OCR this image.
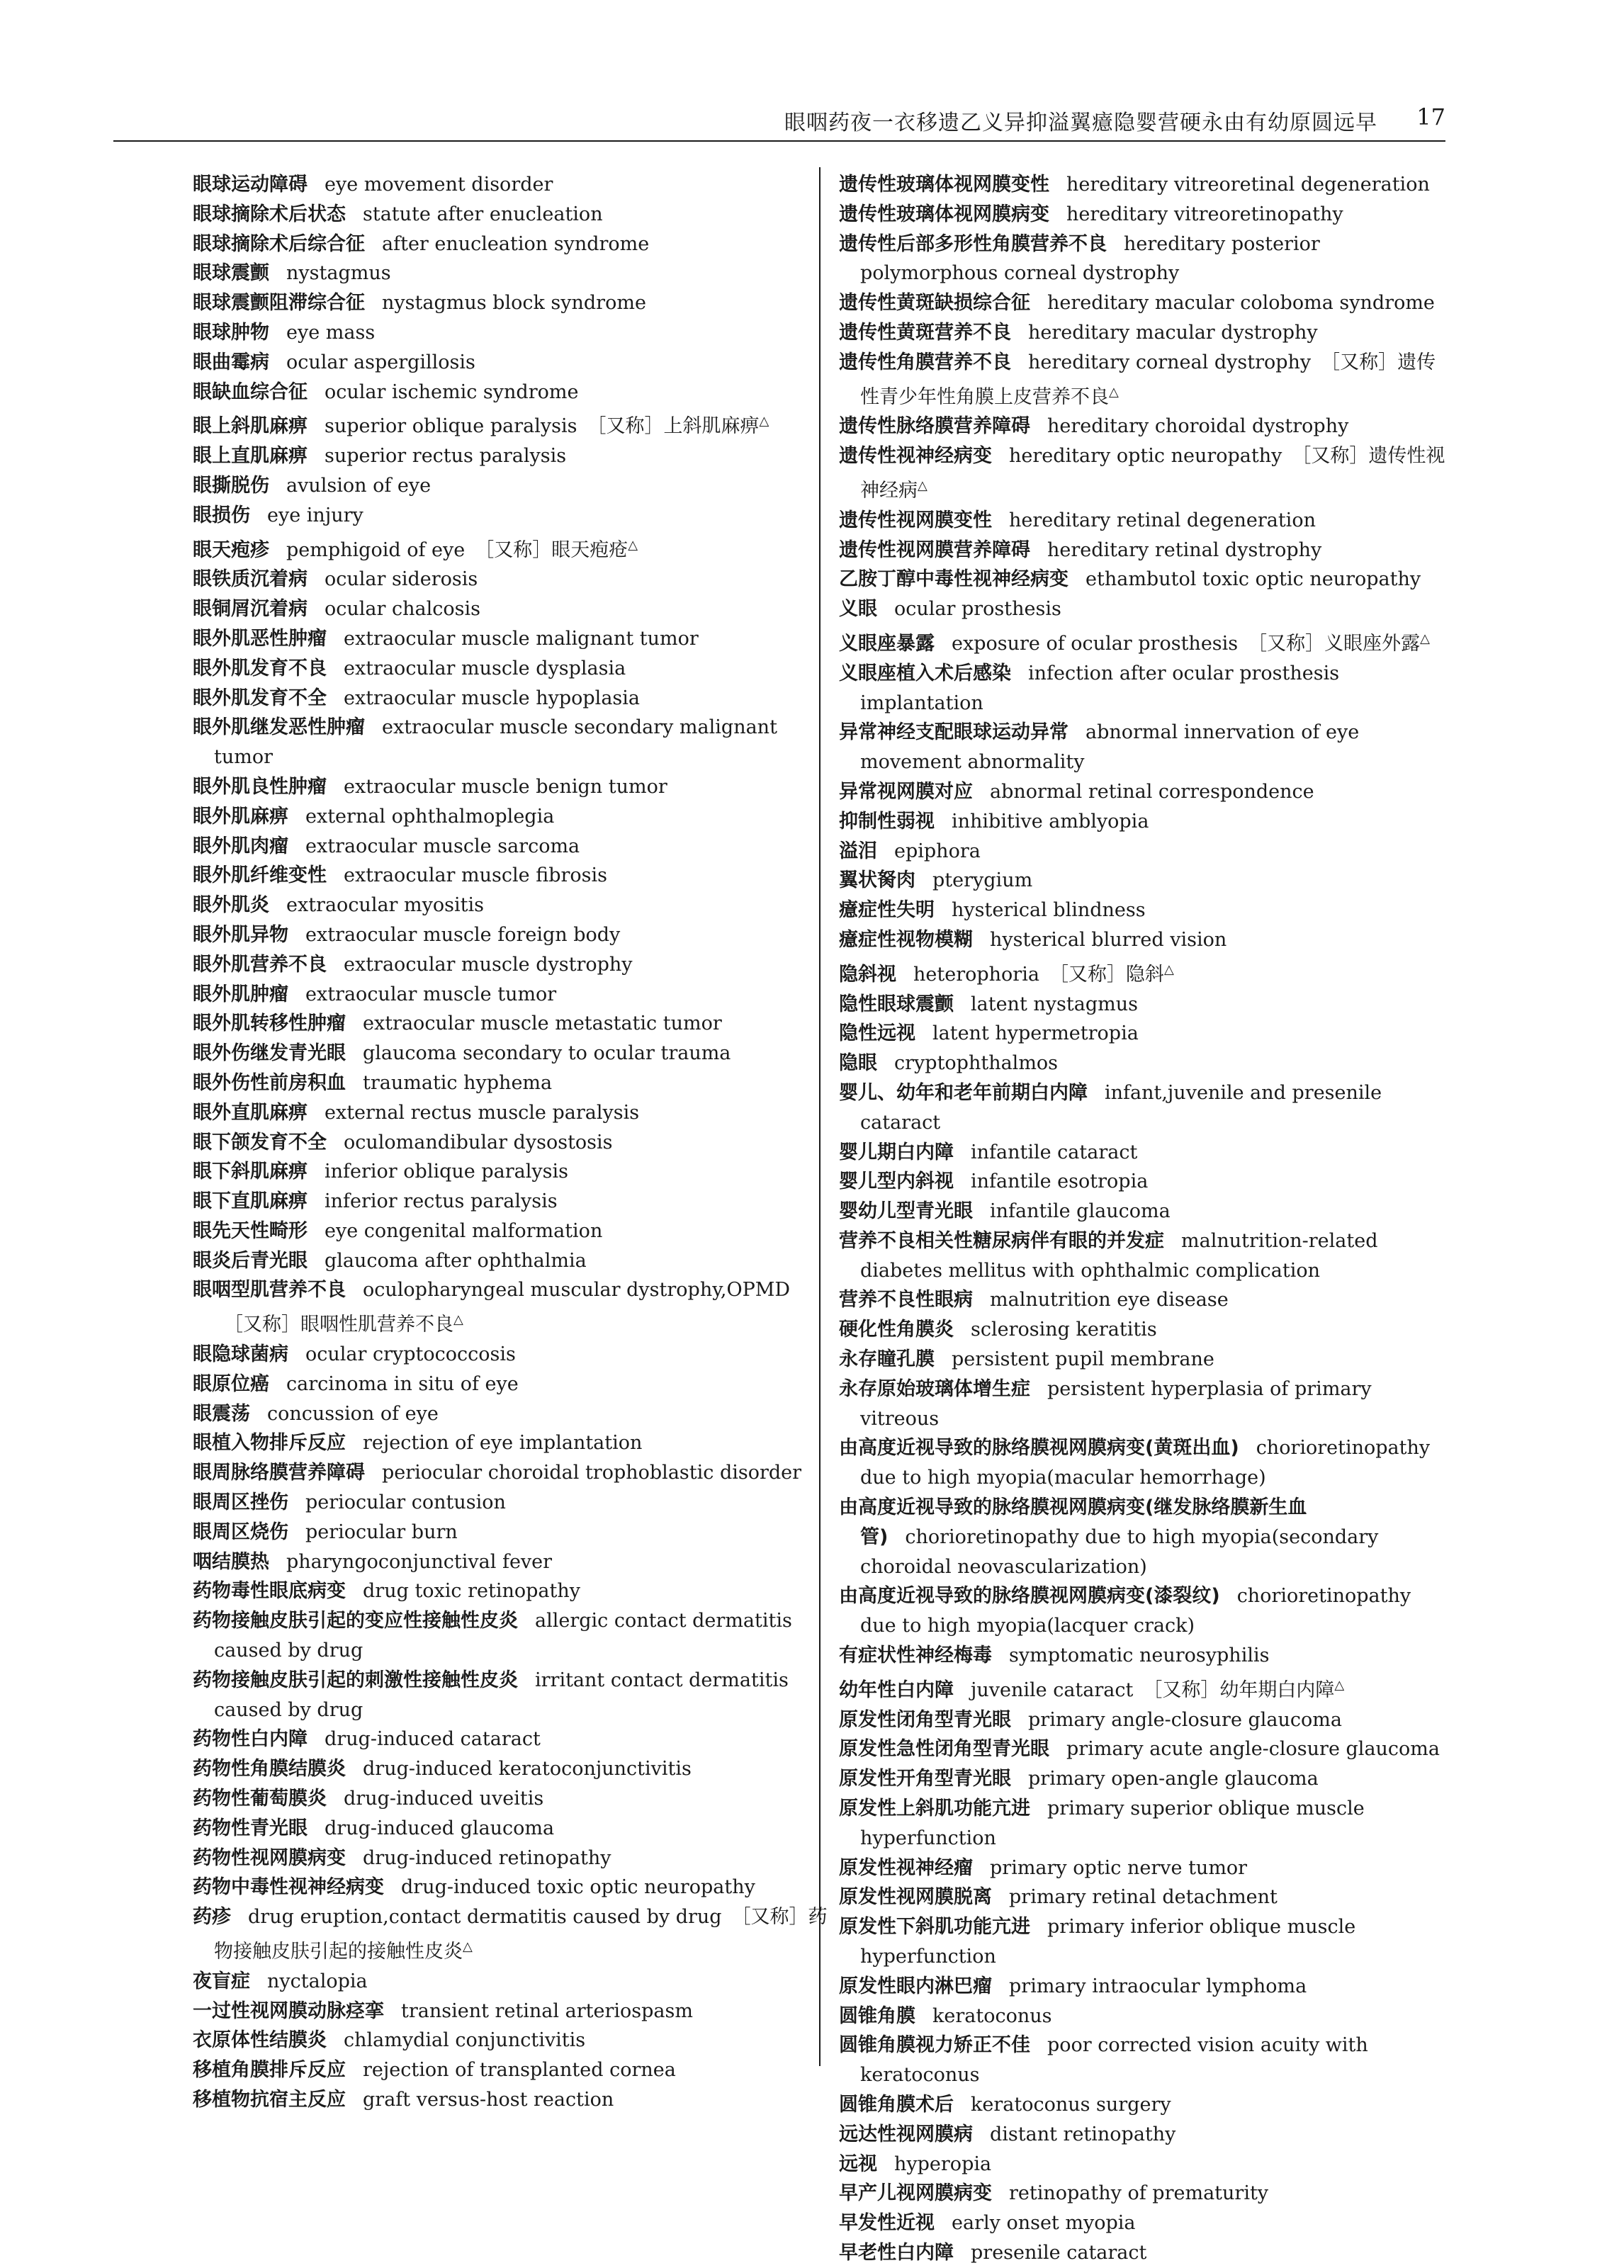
眼咽药夜一衣移遗乙义异抑溢翼癔隐婴营硬永由有幼原圆远早 17
眼球运动障碍 eye movement disorder
眼球摘除术后状态 statute after enucleation
眼球摘除术后综合征 after enucleation syndrome
眼球震颤 nystagmus
眼球震颤阻滞综合征 nystagmus block syndrome
眼球肿物 eye mass
眼曲霉病 ocular aspergillosis
眼缺血综合征 ocular ischemic syndrome
眼上斜肌麻痹 superior oblique paralysis ［又称］上斜肌麻痹△
眼上直肌麻痹 superior rectus paralysis
眼撕脱伤 avulsion of eye
眼损伤 eye injury
眼天疱疹 pemphigoid of eye ［又称］眼天疱疮△
眼铁质沉着病 ocular siderosis
眼铜屑沉着病 ocular chalcosis
眼外肌恶性肿瘤 extraocular muscle malignant tumor
眼外肌发育不良 extraocular muscle dysplasia
眼外肌发育不全 extraocular muscle hypoplasia
眼外肌继发恶性肿瘤 extraocular muscle secondary malignant tumor
眼外肌良性肿瘤 extraocular muscle benign tumor
眼外肌麻痹 external ophthalmoplegia
眼外肌肉瘤 extraocular muscle sarcoma
眼外肌纤维变性 extraocular muscle fibrosis
眼外肌炎 extraocular myositis
眼外肌异物 extraocular muscle foreign body
眼外肌营养不良 extraocular muscle dystrophy
眼外肌肿瘤 extraocular muscle tumor
眼外肌转移性肿瘤 extraocular muscle metastatic tumor
眼外伤继发青光眼 glaucoma secondary to ocular trauma
眼外伤性前房积血 traumatic hyphema
眼外直肌麻痹 external rectus muscle paralysis
眼下颌发育不全 oculomandibular dysostosis
眼下斜肌麻痹 inferior oblique paralysis
眼下直肌麻痹 inferior rectus paralysis
眼先天性畸形 eye congenital malformation
眼炎后青光眼 glaucoma after ophthalmia
眼咽型肌营养不良 oculopharyngeal muscular dystrophy,OPMD［又称］眼咽性肌营养不良△
眼隐球菌病 ocular cryptococcosis
眼原位癌 carcinoma in situ of eye
眼震荡 concussion of eye
眼植入物排斥反应 rejection of eye implantation
眼周脉络膜营养障碍 periocular choroidal trophoblastic disorder
眼周区挫伤 periocular contusion
眼周区烧伤 periocular burn
咽结膜热 pharyngoconjunctival fever
药物毒性眼底病变 drug toxic retinopathy
药物接触皮肤引起的变应性接触性皮炎 allergic contact dermatitis caused by drug
药物接触皮肤引起的刺激性接触性皮炎 irritant contact dermatitis caused by drug
药物性白内障 drug-induced cataract
药物性角膜结膜炎 drug-induced keratoconjunctivitis
药物性葡萄膜炎 drug-induced uveitis
药物性青光眼 drug-induced glaucoma
药物性视网膜病变 drug-induced retinopathy
药物中毒性视神经病变 drug-induced toxic optic neuropathy
药疹 drug eruption,contact dermatitis caused by drug ［又称］药物接触皮肤引起的接触性皮炎△
夜盲症 nyctalopia
一过性视网膜动脉痉挛 transient retinal arteriospasm
衣原体性结膜炎 chlamydial conjunctivitis
移植角膜排斥反应 rejection of transplanted cornea
移植物抗宿主反应 graft versus-host reaction
遗传性玻璃体视网膜变性 hereditary vitreoretinal degeneration
遗传性玻璃体视网膜病变 hereditary vitreoretinopathy
遗传性后部多形性角膜营养不良 hereditary posterior polymorphous corneal dystrophy
遗传性黄斑缺损综合征 hereditary macular coloboma syndrome
遗传性黄斑营养不良 hereditary macular dystrophy
遗传性角膜营养不良 hereditary corneal dystrophy ［又称］遗传性青少年性角膜上皮营养不良△
遗传性脉络膜营养障碍 hereditary choroidal dystrophy
遗传性视神经病变 hereditary optic neuropathy ［又称］遗传性视神经病△
遗传性视网膜变性 hereditary retinal degeneration
遗传性视网膜营养障碍 hereditary retinal dystrophy
乙胺丁醇中毒性视神经病变 ethambutol toxic optic neuropathy
义眼 ocular prosthesis
义眼座暴露 exposure of ocular prosthesis ［又称］义眼座外露△
义眼座植入术后感染 infection after ocular prosthesis implantation
异常神经支配眼球运动异常 abnormal innervation of eye movement abnormality
异常视网膜对应 abnormal retinal correspondence
抑制性弱视 inhibitive amblyopia
溢泪 epiphora
翼状胬肉 pterygium
癔症性失明 hysterical blindness
癔症性视物模糊 hysterical blurred vision
隐斜视 heterophoria ［又称］隐斜△
隐性眼球震颤 latent nystagmus
隐性远视 latent hypermetropia
隐眼 cryptophthalmos
婴儿、幼年和老年前期白内障 infant,juvenile and presenile cataract
婴儿期白内障 infantile cataract
婴儿型内斜视 infantile esotropia
婴幼儿型青光眼 infantile glaucoma
营养不良相关性糖尿病伴有眼的并发症 malnutrition-related diabetes mellitus with ophthalmic complication
营养不良性眼病 malnutrition eye disease
硬化性角膜炎 sclerosing keratitis
永存瞳孔膜 persistent pupil membrane
永存原始玻璃体增生症 persistent hyperplasia of primary vitreous
由高度近视导致的脉络膜视网膜病变(黄斑出血) chorioretinopathy due to high myopia(macular hemorrhage)
由高度近视导致的脉络膜视网膜病变(继发脉络膜新生血管) chorioretinopathy due to high myopia(secondary choroidal neovascularization)
由高度近视导致的脉络膜视网膜病变(漆裂纹) chorioretinopathy due to high myopia(lacquer crack)
有症状性神经梅毒 symptomatic neurosyphilis
幼年性白内障 juvenile cataract ［又称］幼年期白内障△
原发性闭角型青光眼 primary angle-closure glaucoma
原发性急性闭角型青光眼 primary acute angle-closure glaucoma
原发性开角型青光眼 primary open-angle glaucoma
原发性上斜肌功能亢进 primary superior oblique muscle hyperfunction
原发性视神经瘤 primary optic nerve tumor
原发性视网膜脱离 primary retinal detachment
原发性下斜肌功能亢进 primary inferior oblique muscle hyperfunction
原发性眼内淋巴瘤 primary intraocular lymphoma
圆锥角膜 keratoconus
圆锥角膜视力矫正不佳 poor corrected vision acuity with keratoconus
圆锥角膜术后 keratoconus surgery
远达性视网膜病 distant retinopathy
远视 hyperopia
早产儿视网膜病变 retinopathy of prematurity
早发性近视 early onset myopia
早老性白内障 presenile cataract
